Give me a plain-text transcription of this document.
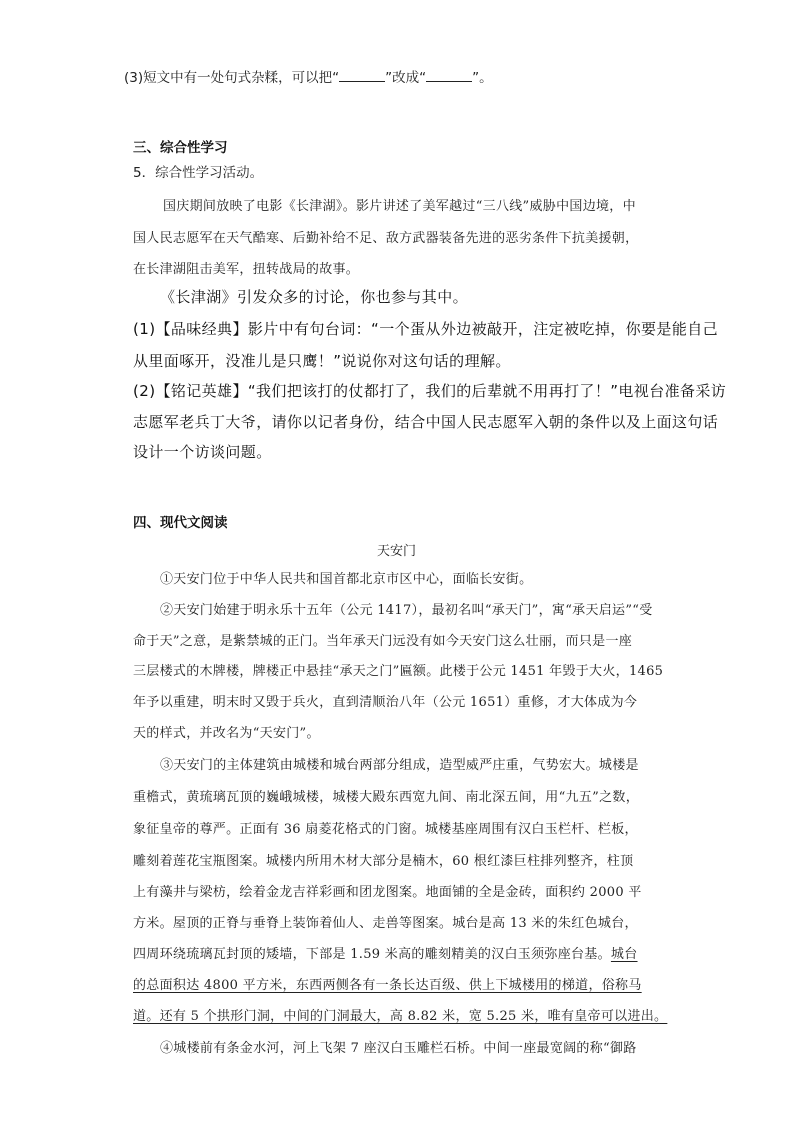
(3)短文中有一处句式杂糅，可以把“	”改成“	”。
三、综合性学习
5．综合性学习活动。
国庆期间放映了电影《长津湖》。影片讲述了美军越过“三八线”威胁中国边境，中
国人民志愿军在天气酷寒、后勤补给不足、敌方武器装备先进的恶劣条件下抗美援朝，
在长津湖阻击美军，扭转战局的故事。
《长津湖》引发众多的讨论，你也参与其中。
(1)【品味经典】影片中有句台词：“一个蛋从外边被敲开，注定被吃掉，你要是能自己
从里面啄开，没准儿是只鹰！”说说你对这句话的理解。
(2)【铭记英雄】“我们把该打的仗都打了，我们的后辈就不用再打了！”电视台准备采访
志愿军老兵丁大爷，请你以记者身份，结合中国人民志愿军入朝的条件以及上面这句话
设计一个访谈问题。
四、现代文阅读
天安门
①天安门位于中华人民共和国首都北京市区中心，面临长安街。
②天安门始建于明永乐十五年（公元 1417），最初名叫“承天门”，寓“承天启运”“受
命于天”之意，是紫禁城的正门。当年承天门远没有如今天安门这么壮丽，而只是一座
三层楼式的木牌楼，牌楼正中悬挂“承天之门”匾额。此楼于公元 1451 年毁于大火，1465
年予以重建，明末时又毁于兵火，直到清顺治八年（公元 1651）重修，才大体成为今
天的样式，并改名为“天安门”。
③天安门的主体建筑由城楼和城台两部分组成，造型威严庄重，气势宏大。城楼是
重檐式，黄琉璃瓦顶的巍峨城楼，城楼大殿东西宽九间、南北深五间，用“九五”之数，
象征皇帝的尊严。正面有 36 扇菱花格式的门窗。城楼基座周围有汉白玉栏杆、栏板，
雕刻着莲花宝瓶图案。城楼内所用木材大部分是楠木，60 根红漆巨柱排列整齐，柱顶
上有藻井与梁枋，绘着金龙吉祥彩画和团龙图案。地面铺的全是金砖，面积约 2000 平
方米。屋顶的正脊与垂脊上装饰着仙人、走兽等图案。城台是高 13 米的朱红色城台，
四周环绕琉璃瓦封顶的矮墙，下部是 1.59 米高的雕刻精美的汉白玉须弥座台基。城台
的总面积达 4800 平方米，东西两侧各有一条长达百级、供上下城楼用的梯道，俗称马
道。还有 5 个拱形门洞，中间的门洞最大，高 8.82 米，宽 5.25 米，唯有皇帝可以进出。
④城楼前有条金水河，河上飞架 7 座汉白玉雕栏石桥。中间一座最宽阔的称“御路
